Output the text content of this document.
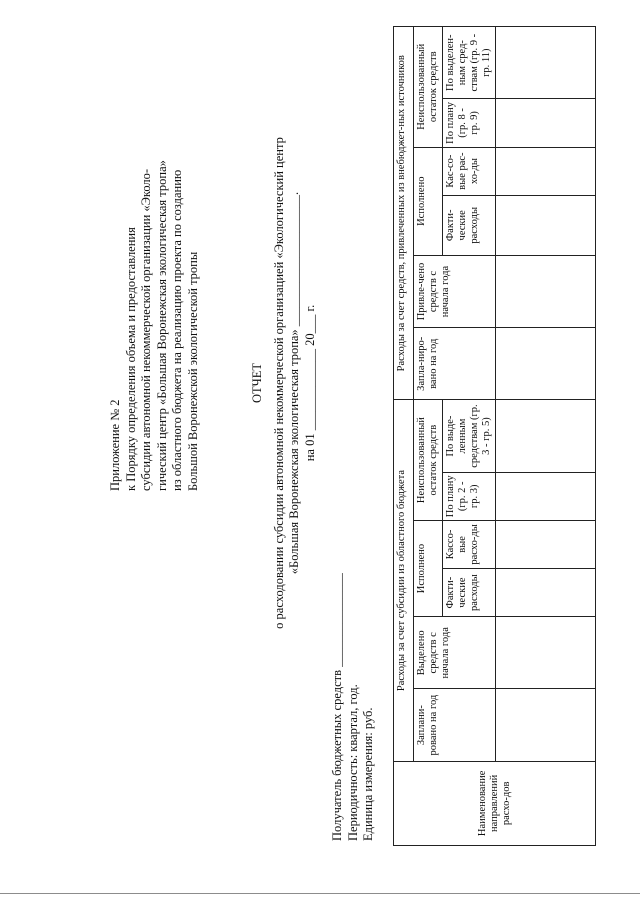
Приложение № 2 к Порядку определения объема и предоставления субсидии автономной некоммерческой организации «Эколо- гический центр «Большая Воронежская экологическая тропа» из областного бюджета на реализацию проекта по созданию Большой Воронежской экологической тропы	ОТЧЕТ о расходовании субсидии автономной некоммерческой организацией «Экологический центр «Большая Воронежская экологическая тропа» _____________________. на 01 _____________ 20___ г.
Получатель бюджетных средств _______________ Периодичность: квартал, год. Единица измерения: руб.	Наименование направлений расхо-дов	Расходы за счет субсидии из областного бюджета						Расходы за счет средств, привлеченных из внебюджет-ных источников					
	Заплани-ровано на год	Выделено средств с начала года	Исполнено		Неиспользованный остаток средств		Запла-ниро-вано на год	Привле-чено средств с начала года	Исполнено		Неиспользованный остаток средств	
			Факти-ческие расходы	Кассо-вые расхо-ды	По плану (гр. 2 - гр. 3)	По выде-ленным средствам (гр. 3 - гр. 5)			Факти-ческие расходы	Кас-со-вые рас-хо-ды	По плану (гр. 8 - гр. 9)	По выделен-ным сред-ствам (гр. 9 - гр. 11)
